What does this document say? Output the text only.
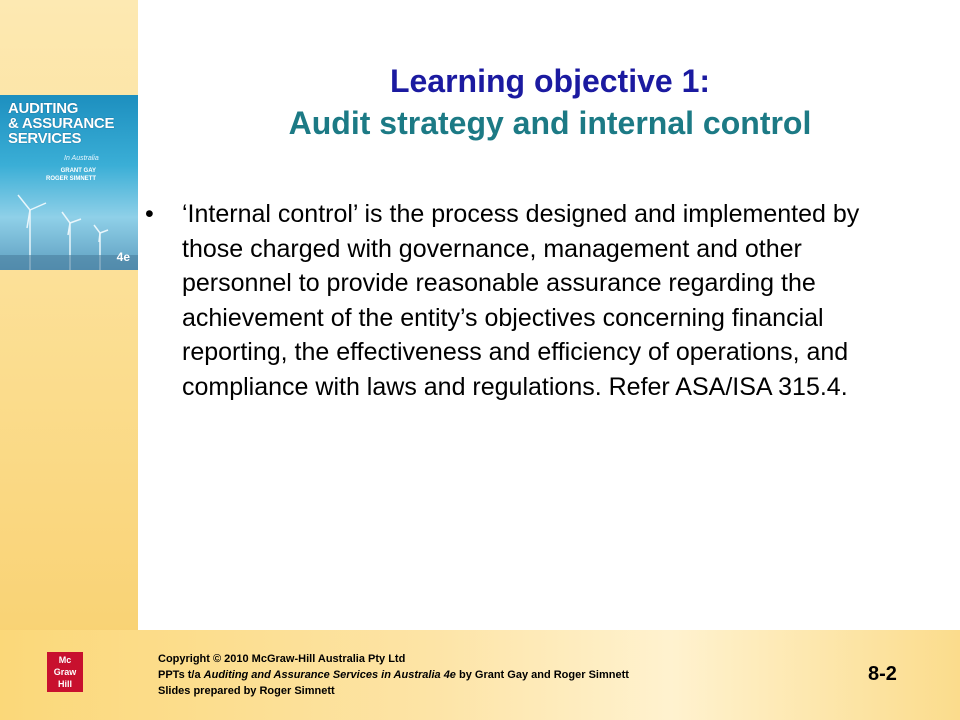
AUDITING
& ASSURANCE
SERVICES
In Australia
GRANT GAY
ROGER SIMNETT
4e
Learning objective 1:
Audit strategy and internal control
• ‘Internal control’ is the process designed and implemented by those charged with governance, management and other personnel to provide reasonable assurance regarding the achievement of the entity’s objectives concerning financial reporting, the effectiveness and efficiency of operations, and compliance with laws and regulations. Refer ASA/ISA 315.4.
Mc
Graw
Hill
Copyright © 2010 McGraw-Hill Australia Pty Ltd
PPTs t/a Auditing and Assurance Services in Australia 4e by Grant Gay and Roger Simnett
Slides prepared by Roger Simnett
8-2
